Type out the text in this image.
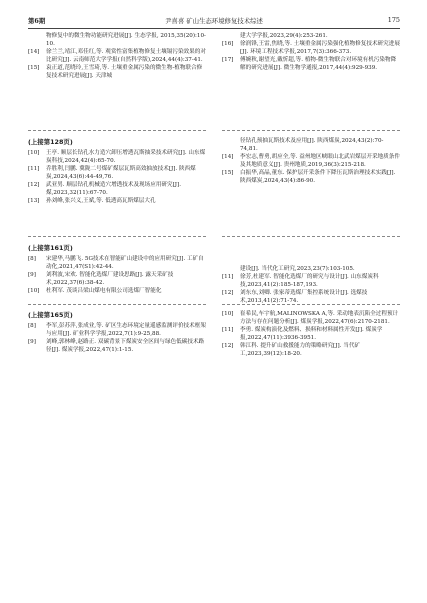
第6期	尹喜喜 矿山生态环境修复技术综述	175

物修复中的微生物功能研究进展[J]. 生态学报, 2015,35(20):10-10.

[14]	徐兰兰,靖江,邓佳红,等. 观赏性富集植物修复土壤镉污染效果的对比研究[J]. 云南师范大学学报(自然科学版),2024,44(4):37-41.

[15]	袁正道,范晓玲,王雪琦,等. 土壤重金属污染的微生物-植物联合修复技术研究进展[J]. 天津城

建大学学报,2023,29(4):253-261.

[16]	徐润锋,王雷,焦晓,等. 土壤重金属污染强化植物修复技术研究进展[J]. 环境工程技术学报,2017,7(3):366-373.

[17]	傅婉秋,谢望光,戴忻超,等. 植物-微生物联合对环境有机污染物降解的研究进展[J]. 微生物学通报,2017,44(4):929-939.

(上接第128页)

[10]	王亭. 顺层长钻孔水力造穴卸压增透瓦斯抽采技术研究[J]. 山东煤炭科技,2024,42(4):65-70.

[11]	乔胜利,闫鹏. 冀陇二号煤矿煤层瓦斯高效抽放技术[J]. 陕西煤炭,2024,43(6):44-49,76.

[12]	武亚男. 顺层钻孔机械造穴增透技术及现场应用研究[J]. 煤,2023,32(11):67-70.

[13]	孙刘峰,张兴义,王斌,等. 低透高瓦斯煤层大孔

径钻孔预抽瓦斯技术及应用[J]. 陕西煤炭,2024,43(2):70-74,81.

[14]	李宏志,曹勇,胡应全,等. 益州地区峡眼山北武岩煤层开采地质条件及其地质意义[J]. 贵州地质,2019,36(3):215-218.

[15]	白振华,高晶,董东. 保护层开采条件下降压瓦斯治理技术实践[J]. 陕西煤炭,2024,43(4):86-90.

(上接第161页)

[8]	宋建华,马鹏飞. 5G技术在智能矿山建设中的应用研究[J]. 工矿自动化,2021,47(S1):42-44.

[9]	刘利波,宋欢. 智能化选煤厂建设思路[J]. 露天采矿技术,2022,37(6):38-42.

[10]	杜利军. 茂谈吕梁山煤电有限公司选煤厂智能化

建设[J]. 当代化工研究,2023,23(7):103-105.

[11]	徐芳,杜建军. 智能化选煤厂的研究与设计[J]. 山东煤炭科技,2023,41(2):185-187,193.

[12]	刘东东,刘卿. 张家蒂选煤厂集控系统设计[J]. 选煤技术,2013,41(2):71-74.

(上接第165页)

[8]	李军,彭苏萍,张成业,等. 矿区生态环境定量遥感监测评价技术框架与应用[J]. 矿业科学学报,2022,7(1):9-25,88.

[9]	刘峰,郭林峰,赵路正. 双碳背景下煤炭安全区间与绿色低碳技术路径[J]. 煤炭学报,2022,47(1):1-15.

[10]	崔希民,车宇航,MALINOWSKA A,等. 采动地表沉陷全过程预计方法与存在问题分析[J]. 煤炭学报,2022,47(6):2170-2181.

[11]	李勇. 煤炭构演化及燃料、损料和材料属性开发[J]. 煤炭学报,2022,47(11):3936-3951.

[12]	韩江科. 提升矿山救援能力的策略研究[J]. 当代矿工,2023,39(12):18-20.
